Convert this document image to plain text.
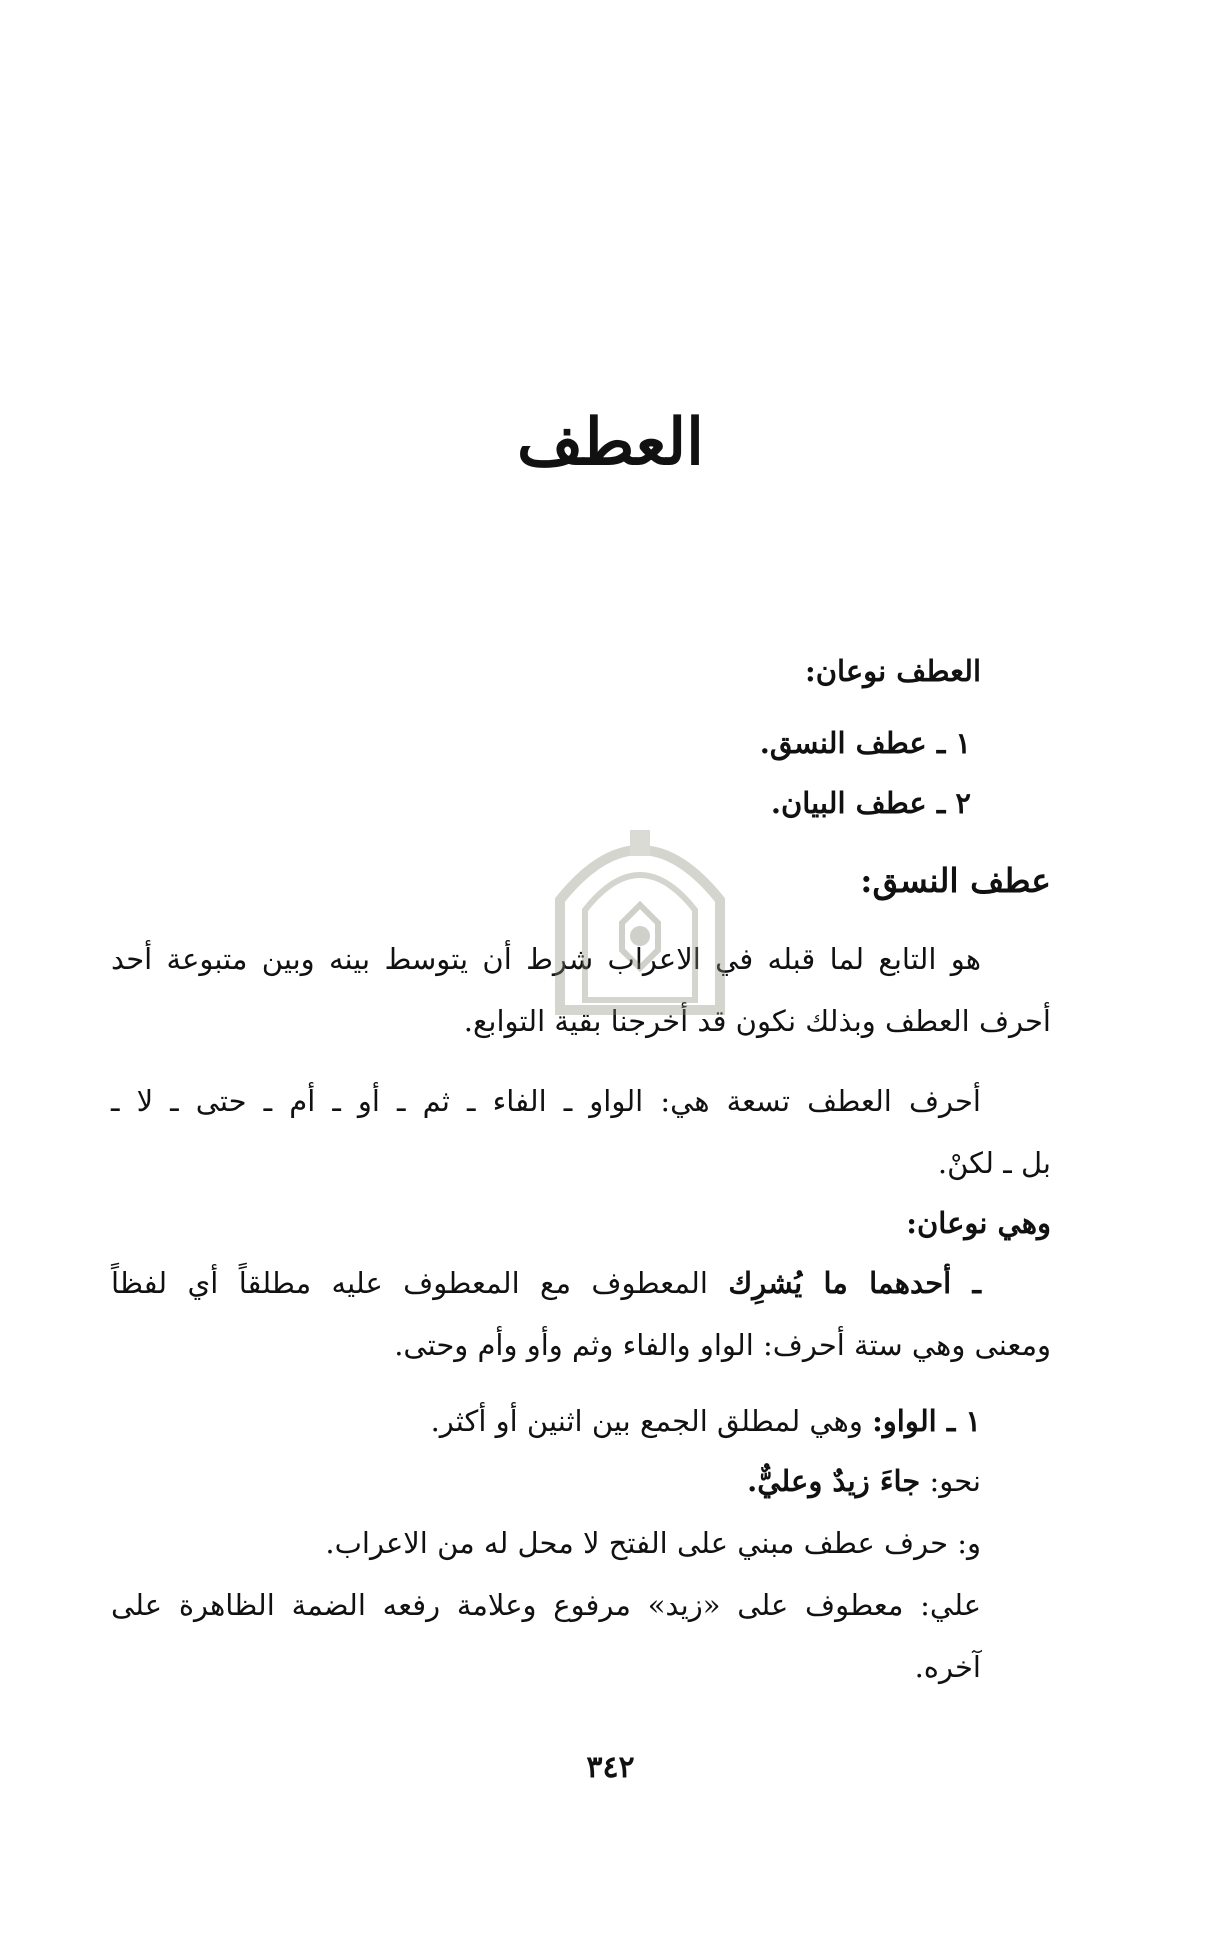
العطف
العطف نوعان:
١ ـ عطف النسق.
٢ ـ عطف البيان.
عطف النسق:
هو التابع لما قبله في الاعراب شرط أن يتوسط بينه وبين متبوعة أحد
أحرف العطف وبذلك نكون قد أخرجنا بقية التوابع.
أحرف العطف تسعة هي: الواو ـ الفاء ـ ثم ـ أو ـ أم ـ حتى ـ لا ـ
بل ـ لكنْ.
وهي نوعان:
ـ أحدهما ما يُشرِك المعطوف مع المعطوف عليه مطلقاً أي لفظاً
ومعنى وهي ستة أحرف: الواو والفاء وثم وأو وأم وحتى.
١ ـ الواو: وهي لمطلق الجمع بين اثنين أو أكثر.
نحو: جاءَ زيدٌ وعليٌّ.
و: حرف عطف مبني على الفتح لا محل له من الاعراب.
علي: معطوف على «زيد» مرفوع وعلامة رفعه الضمة الظاهرة على
آخره.
٣٤٢
